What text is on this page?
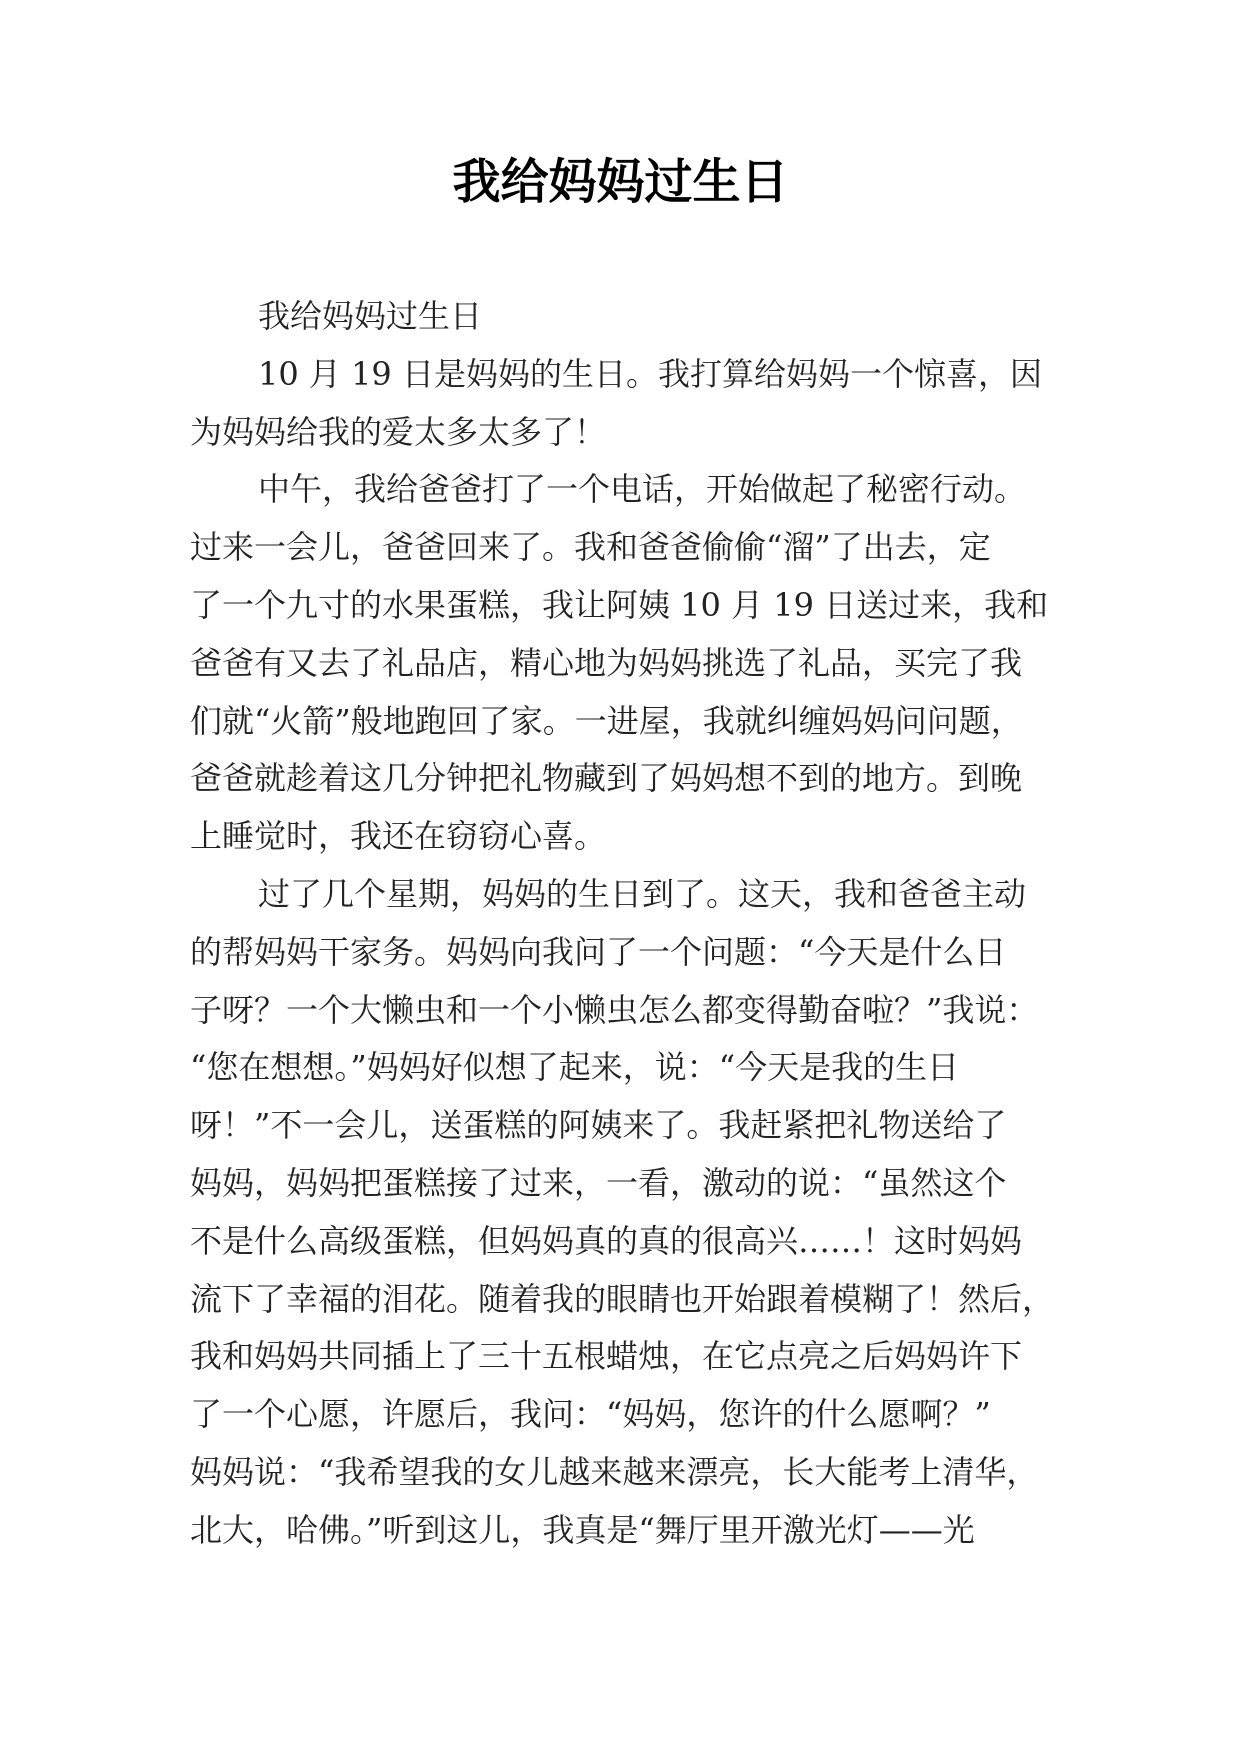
我给妈妈过生日
我给妈妈过生日
10 月 19 日是妈妈的生日。我打算给妈妈一个惊喜，因
为妈妈给我的爱太多太多了！
中午，我给爸爸打了一个电话，开始做起了秘密行动。
过来一会儿，爸爸回来了。我和爸爸偷偷“溜”了出去，定
了一个九寸的水果蛋糕，我让阿姨 10 月 19 日送过来，我和
爸爸有又去了礼品店，精心地为妈妈挑选了礼品，买完了我
们就“火箭”般地跑回了家。一进屋，我就纠缠妈妈问问题，
爸爸就趁着这几分钟把礼物藏到了妈妈想不到的地方。到晚
上睡觉时，我还在窃窃心喜。
过了几个星期，妈妈的生日到了。这天，我和爸爸主动
的帮妈妈干家务。妈妈向我问了一个问题：“今天是什么日
子呀？一个大懒虫和一个小懒虫怎么都变得勤奋啦？”我说：
“您在想想。”妈妈好似想了起来，说：“今天是我的生日
呀！”不一会儿，送蛋糕的阿姨来了。我赶紧把礼物送给了
妈妈，妈妈把蛋糕接了过来，一看，激动的说：“虽然这个
不是什么高级蛋糕，但妈妈真的真的很高兴……！这时妈妈
流下了幸福的泪花。随着我的眼睛也开始跟着模糊了！然后，
我和妈妈共同插上了三十五根蜡烛，在它点亮之后妈妈许下
了一个心愿，许愿后，我问：“妈妈，您许的什么愿啊？”
妈妈说：“我希望我的女儿越来越来漂亮，长大能考上清华，
北大，哈佛。”听到这儿，我真是“舞厅里开激光灯——光
